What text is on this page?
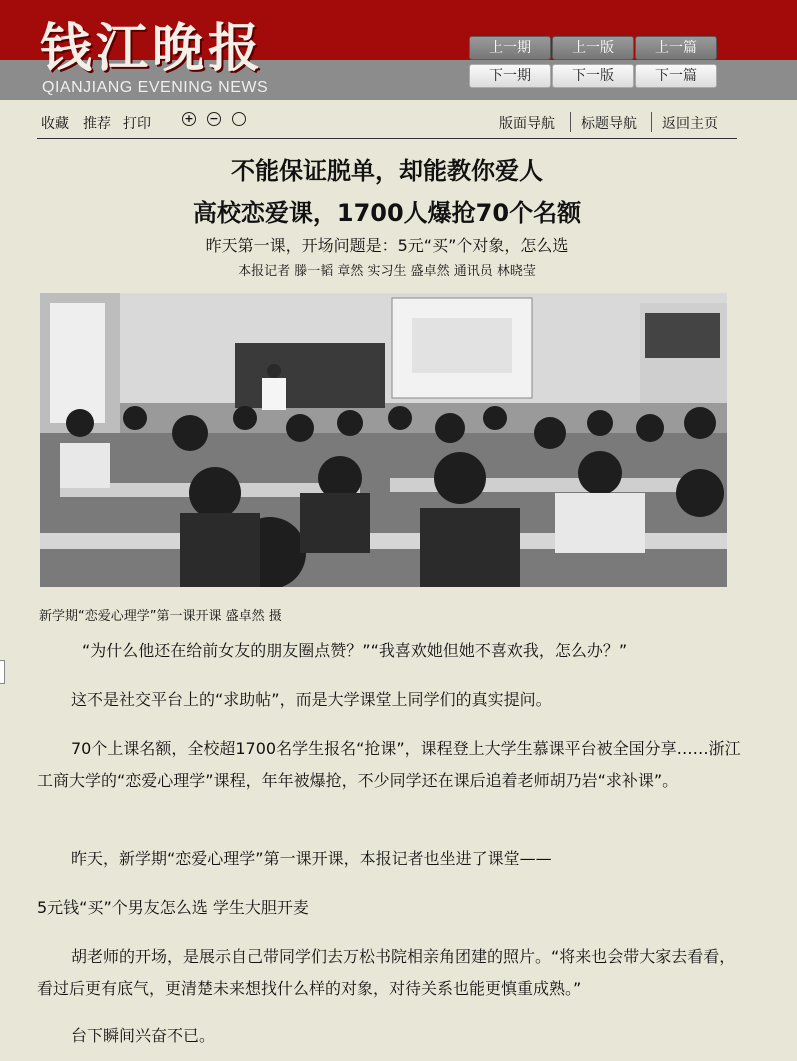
钱江晚报
QIANJIANG EVENING NEWS
上一期	上一版	上一篇
下一期	下一版	下一篇
收藏 推荐 打印	+ −	版面导航 标题导航 返回主页
不能保证脱单，却能教你爱人
高校恋爱课，1700人爆抢70个名额
昨天第一课，开场问题是：5元“买”个对象，怎么选
本报记者 滕一韬 章然 实习生 盛卓然 通讯员 林晓莹
新学期“恋爱心理学”第一课开课 盛卓然 摄
“为什么他还在给前女友的朋友圈点赞？”“我喜欢她但她不喜欢我，怎么办？”
这不是社交平台上的“求助帖”，而是大学课堂上同学们的真实提问。
70个上课名额，全校超1700名学生报名“抢课”，课程登上大学生慕课平台被全国分享……浙江工商大学的“恋爱心理学”课程，年年被爆抢，不少同学还在课后追着老师胡乃岩“求补课”。
昨天，新学期“恋爱心理学”第一课开课，本报记者也坐进了课堂——
5元钱“买”个男友怎么选 学生大胆开麦
胡老师的开场，是展示自己带同学们去万松书院相亲角团建的照片。“将来也会带大家去看看，看过后更有底气，更清楚未来想找什么样的对象，对待关系也能更慎重成熟。”
台下瞬间兴奋不已。
